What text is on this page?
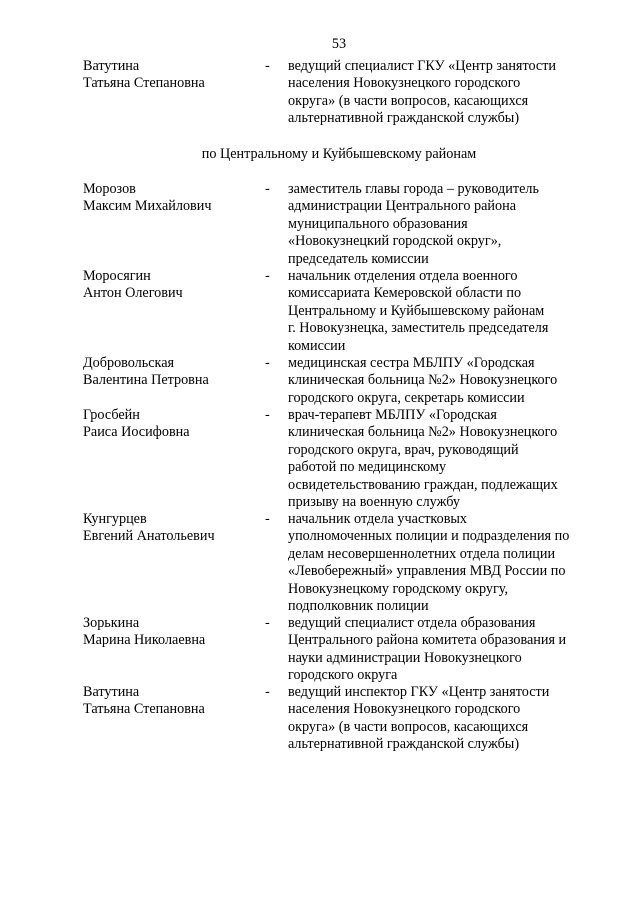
53
Ватутина
Татьяна Степановна
- ведущий специалист ГКУ «Центр занятости
населения Новокузнецкого городского
округа» (в части вопросов, касающихся
альтернативной гражданской службы)
по Центральному и Куйбышевскому районам
Морозов
Максим Михайлович
- заместитель главы города – руководитель
администрации Центрального района
муниципального образования
«Новокузнецкий городской округ»,
председатель комиссии
Моросягин
Антон Олегович
- начальник отделения отдела военного
комиссариата Кемеровской области по
Центральному и Куйбышевскому районам
г. Новокузнецка, заместитель председателя
комиссии
Добровольская
Валентина Петровна
- медицинская сестра МБЛПУ «Городская
клиническая больница №2» Новокузнецкого
городского округа, секретарь комиссии
Гросбейн
Раиса Иосифовна
- врач-терапевт МБЛПУ «Городская
клиническая больница №2» Новокузнецкого
городского округа, врач, руководящий
работой по медицинскому
освидетельствованию граждан, подлежащих
призыву на военную службу
Кунгурцев
Евгений Анатольевич
- начальник отдела участковых
уполномоченных полиции и подразделения по
делам несовершеннолетних отдела полиции
«Левобережный» управления МВД России по
Новокузнецкому городскому округу,
подполковник полиции
Зорькина
Марина Николаевна
- ведущий специалист отдела образования
Центрального района комитета образования и
науки администрации Новокузнецкого
городского округа
Ватутина
Татьяна Степановна
- ведущий инспектор ГКУ «Центр занятости
населения Новокузнецкого городского
округа» (в части вопросов, касающихся
альтернативной гражданской службы)
